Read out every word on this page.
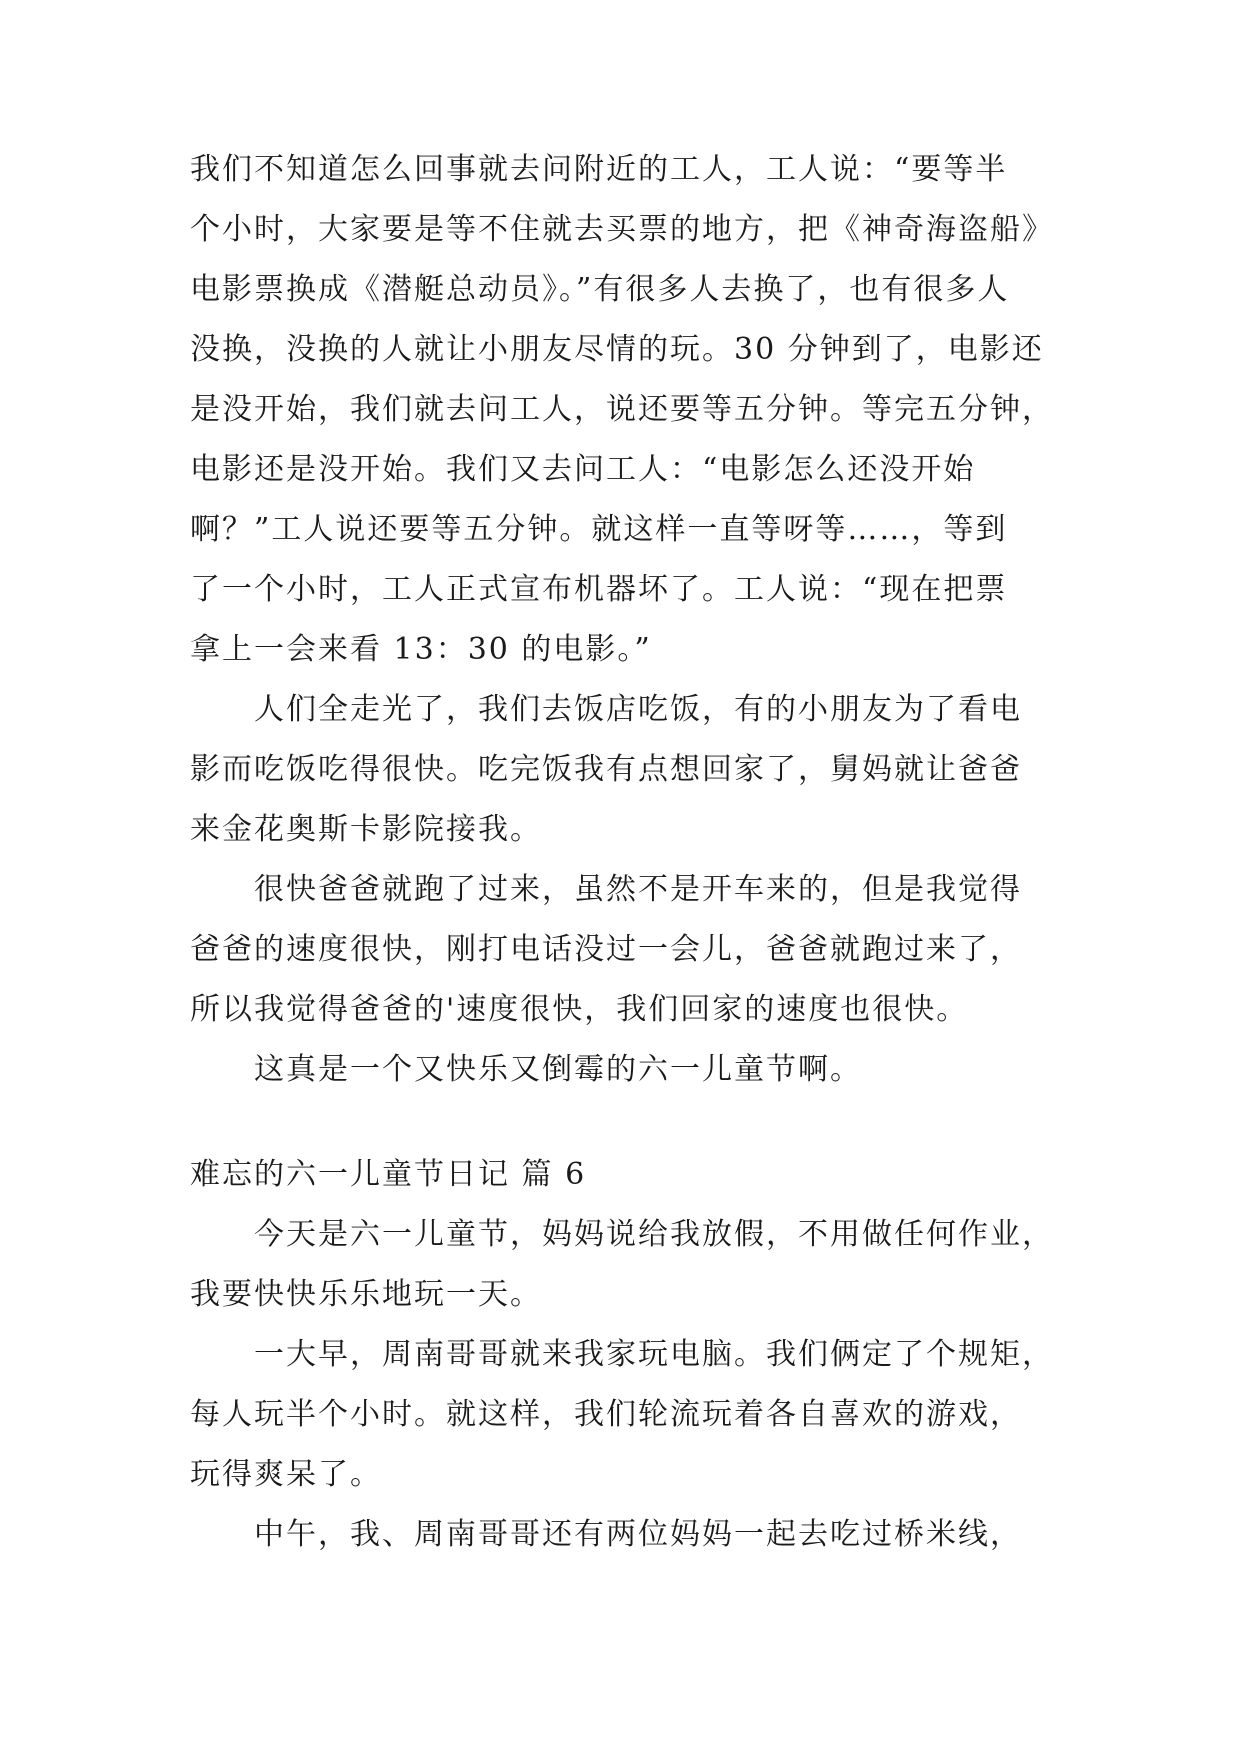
我们不知道怎么回事就去问附近的工人，工人说：“要等半
个小时，大家要是等不住就去买票的地方，把《神奇海盗船》
电影票换成《潜艇总动员》。”有很多人去换了，也有很多人
没换，没换的人就让小朋友尽情的玩。30 分钟到了，电影还
是没开始，我们就去问工人，说还要等五分钟。等完五分钟，
电影还是没开始。我们又去问工人：“电影怎么还没开始
啊？”工人说还要等五分钟。就这样一直等呀等……，等到
了一个小时，工人正式宣布机器坏了。工人说：“现在把票
拿上一会来看 13：30 的电影。”
人们全走光了，我们去饭店吃饭，有的小朋友为了看电
影而吃饭吃得很快。吃完饭我有点想回家了，舅妈就让爸爸
来金花奥斯卡影院接我。
很快爸爸就跑了过来，虽然不是开车来的，但是我觉得
爸爸的速度很快，刚打电话没过一会儿，爸爸就跑过来了，
所以我觉得爸爸的'速度很快，我们回家的速度也很快。
这真是一个又快乐又倒霉的六一儿童节啊。
难忘的六一儿童节日记 篇 6
今天是六一儿童节，妈妈说给我放假，不用做任何作业，
我要快快乐乐地玩一天。
一大早，周南哥哥就来我家玩电脑。我们俩定了个规矩，
每人玩半个小时。就这样，我们轮流玩着各自喜欢的游戏，
玩得爽呆了。
中午，我、周南哥哥还有两位妈妈一起去吃过桥米线，
